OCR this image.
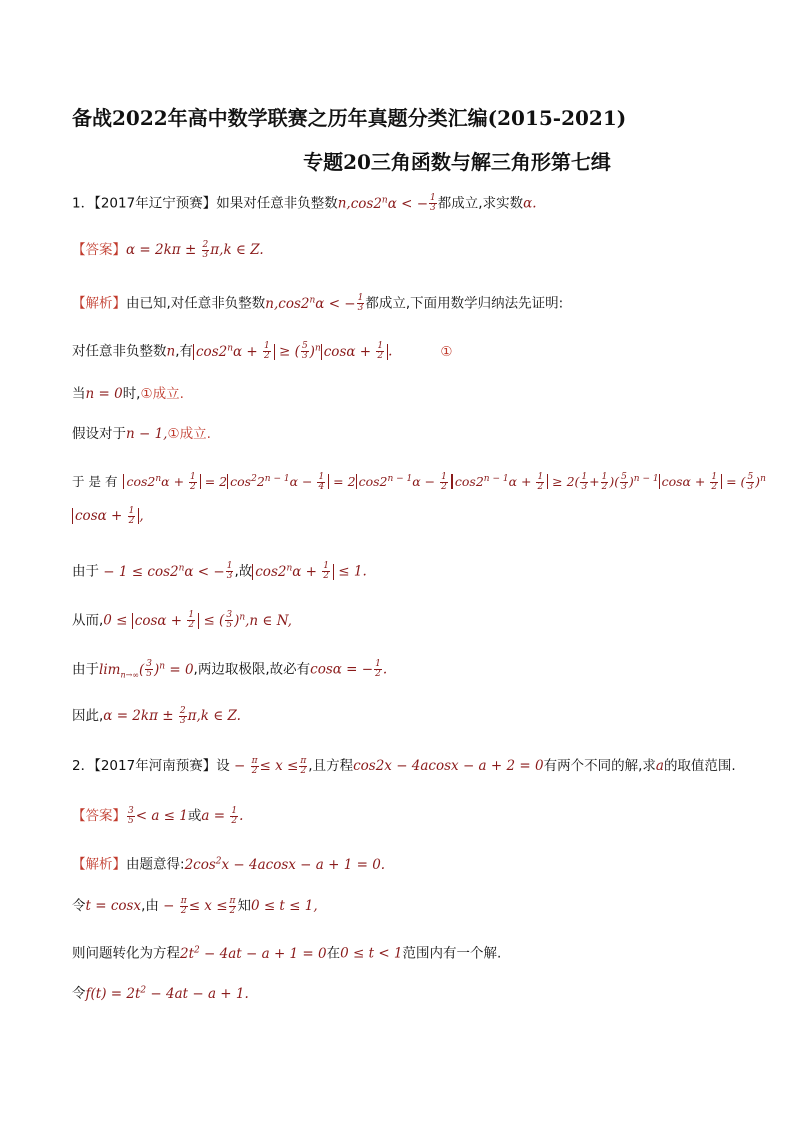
备战2022年高中数学联赛之历年真题分类汇编(2015-2021)
专题20三角函数与解三角形第七缉
1．【2017年辽宁预赛】如果对任意非负整数$n,\cos 2^n\alpha$ < − $\frac{1}{3}$ 都成立,求实数α.
【答案】$\alpha = 2k\pi \pm \frac{2}{3} \pi,k$ ∈ Z.
【解析】由已知,对任意非负整数$n,\cos 2^n\alpha$ < − $\frac{1}{3}$ 都成立,下面用数学归纳法先证明:
对任意非负整数n,有 $\cos 2^n\alpha + \frac{1}{2}$ ≥ ( $\frac{5}{3} )^n$ $\cos\alpha + \frac{1}{2}$ .	①
当n = 0时,①成立.
假设对于n − 1,①成立.
于 是 有 $\cos 2^n\alpha + \frac{1}{2} = 2$ $\cos^22^{n - 1}\alpha - \frac{1}{4} = 2$ $\cos 2^{n - 1}\alpha - \frac{1}{2} \cos 2^{n - 1}\alpha + \frac{1}{2} \ge 2( \frac{1}{3} + \frac{1}{2}$ )( $\frac{5}{3} )^{n - 1}$ $\cos\alpha + \frac{1}{2}$ = ( $\frac{5}{3} )^n$
$\cos\alpha + \frac{1}{2}$ ,
由于 − $1 \le \cos 2^n\alpha$ < − $\frac{1}{3}$ ,故 $\cos 2^n\alpha + \frac{1}{2} \le 1$.
从而$,0 \le \cos\alpha + \frac{1}{2}$ ≤ ( $\frac{3}{5} )^n,n$ ∈ N,
由于$\lim_{n\to\infty}( \frac{3}{5} )^n = 0$,两边取极限,故必有cosα = − $\frac{1}{2}$ .
因此$,\alpha = 2k\pi \pm \frac{2}{3} \pi,k$ ∈ Z.
2．【2017年河南预赛】设 − $\frac{\pi}{2} \le x \le \frac{\pi}{2}$ ,且方程cos2x − 4acosx − a + 2 = 0有两个不同的解,求a的取值范围.
【答案】 $\frac{3}{5} < a \le 1$或$a = \frac{1}{2}$ .
【解析】由题意得$:2\cos^2x - 4acosx - a + 1 = 0$.
令t = cosx,由 − $\frac{\pi}{2} \le x \le \frac{\pi}{2}$ 知0 ≤ t ≤ 1,
则问题转化为方程$2t^2 - 4at - a + 1 = 0$在0 ≤ t < 1范围内有一个解.
令$f(t) = 2t^2 - 4at - a + 1$.
